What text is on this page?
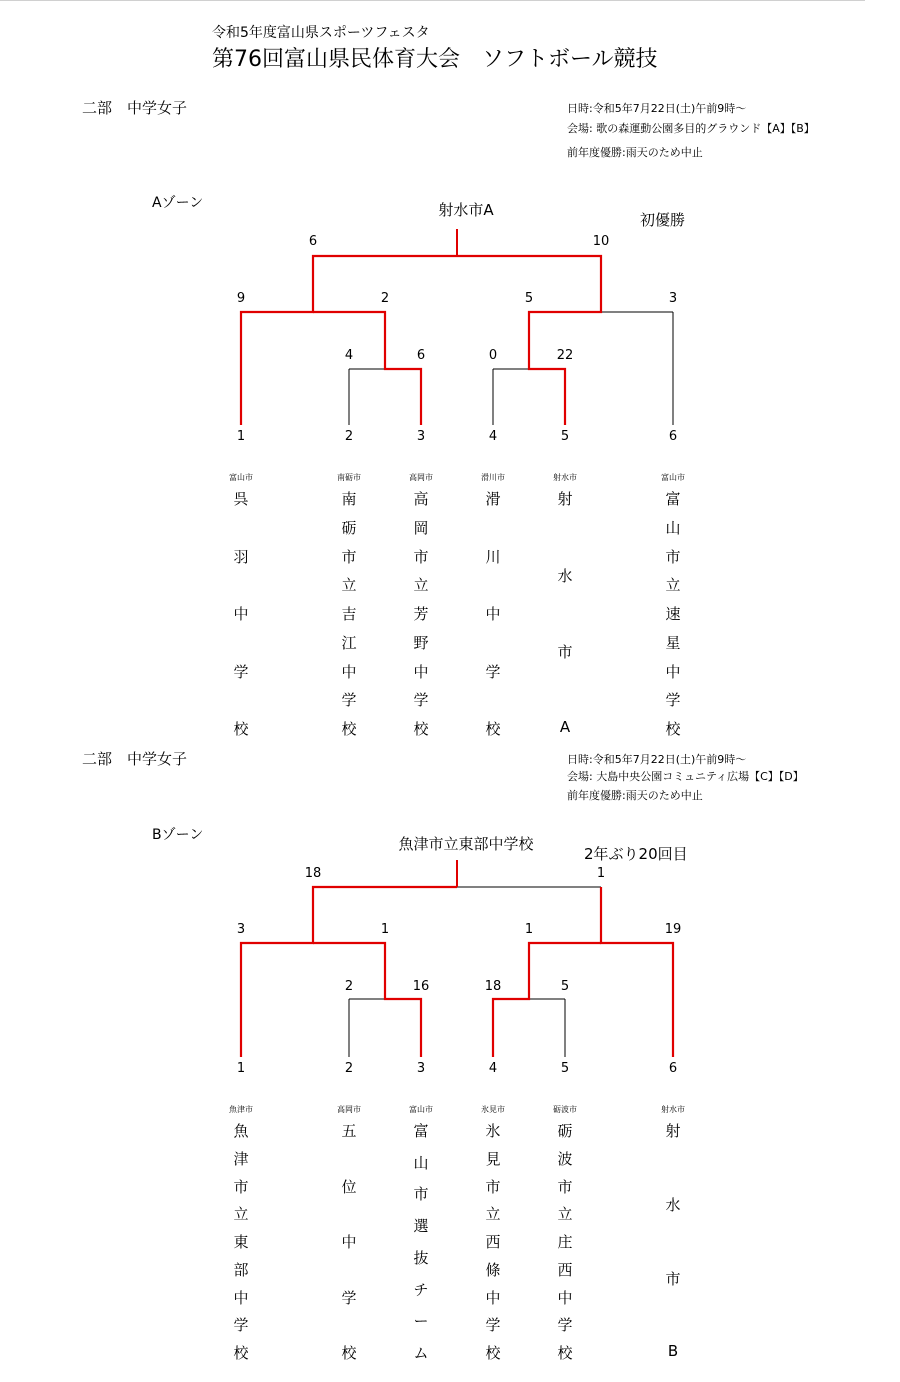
令和5年度富山県スポーツフェスタ
第76回富山県民体育大会　ソフトボール競技
二部　中学女子	日時:令和5年7月22日(土)午前9時～
会場: 歌の森運動公園多目的グラウンド【A】【B】
前年度優勝:雨天のため中止
Aゾーン	射水市A
初優勝
6	10
9	2	5	3
4	6	0	22
1	2	3	4	5	6
富山市	南砺市	高岡市	滑川市	射水市	富山市
呉
羽
中
学
校
南
砺
市
立
吉
江
中
学
校
高
岡
市
立
芳
野
中
学
校
滑
川
中
学
校
射
水
市
A
富
山
市
立
速
星
中
学
校
二部　中学女子	日時:令和5年7月22日(土)午前9時～
会場: 大島中央公園コミュニティ広場【C】【D】
前年度優勝:雨天のため中止
Bゾーン	魚津市立東部中学校
2年ぶり20回目
18	1
3	1	1	19
2	16	18	5
1	2	3	4	5	6
魚津市	高岡市	富山市	氷見市	砺波市	射水市
魚
津
市
立
東
部
中
学
校
五
位
中
学
校
富
山
市
選
抜
チ
ー
ム
氷
見
市
立
西
條
中
学
校
砺
波
市
立
庄
西
中
学
校
射
水
市
B
